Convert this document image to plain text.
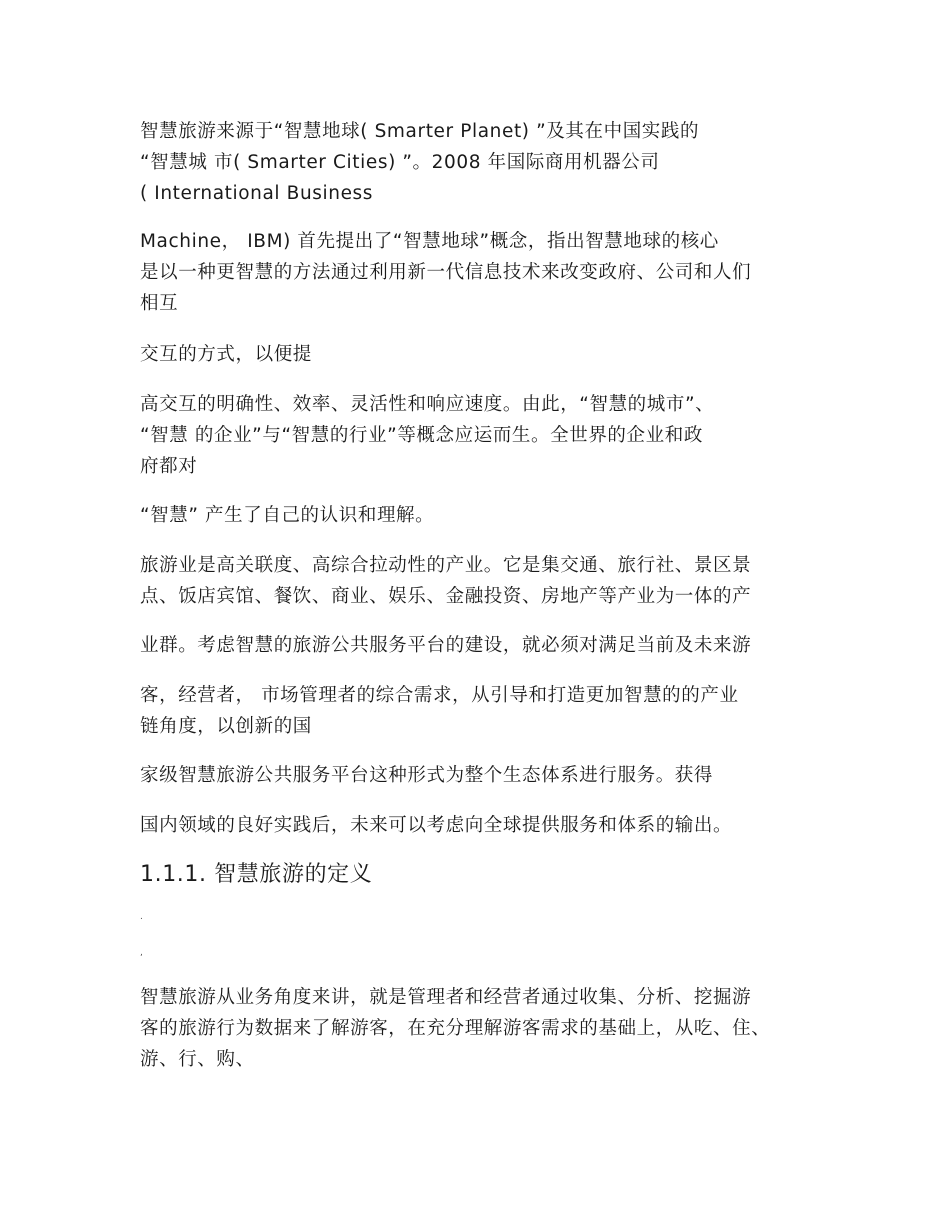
智慧旅游来源于“智慧地球( Smarter Planet) ”及其在中国实践的
“智慧城 市( Smarter Cities) ”。2008 年国际商用机器公司
( International Business

Machine， IBM) 首先提出了“智慧地球”概念，指出智慧地球的核心
是以一种更智慧的方法通过利用新一代信息技术来改变政府、公司和人们
相互

交互的方式，以便提

高交互的明确性、效率、灵活性和响应速度。由此，“智慧的城市”、
“智慧 的企业”与“智慧的行业”等概念应运而生。全世界的企业和政
府都对

“智慧” 产生了自己的认识和理解。

旅游业是高关联度、高综合拉动性的产业。它是集交通、旅行社、景区景
点、饭店宾馆、餐饮、商业、娱乐、金融投资、房地产等产业为一体的产

业群。考虑智慧的旅游公共服务平台的建设，就必须对满足当前及未来游

客，经营者， 市场管理者的综合需求，从引导和打造更加智慧的的产业
链角度，以创新的国

家级智慧旅游公共服务平台这种形式为整个生态体系进行服务。获得

国内领域的良好实践后，未来可以考虑向全球提供服务和体系的输出。

1.1.1. 智慧旅游的定义
.
,

智慧旅游从业务角度来讲，就是管理者和经营者通过收集、分析、挖掘游
客的旅游行为数据来了解游客，在充分理解游客需求的基础上，从吃、住、
游、行、购、
